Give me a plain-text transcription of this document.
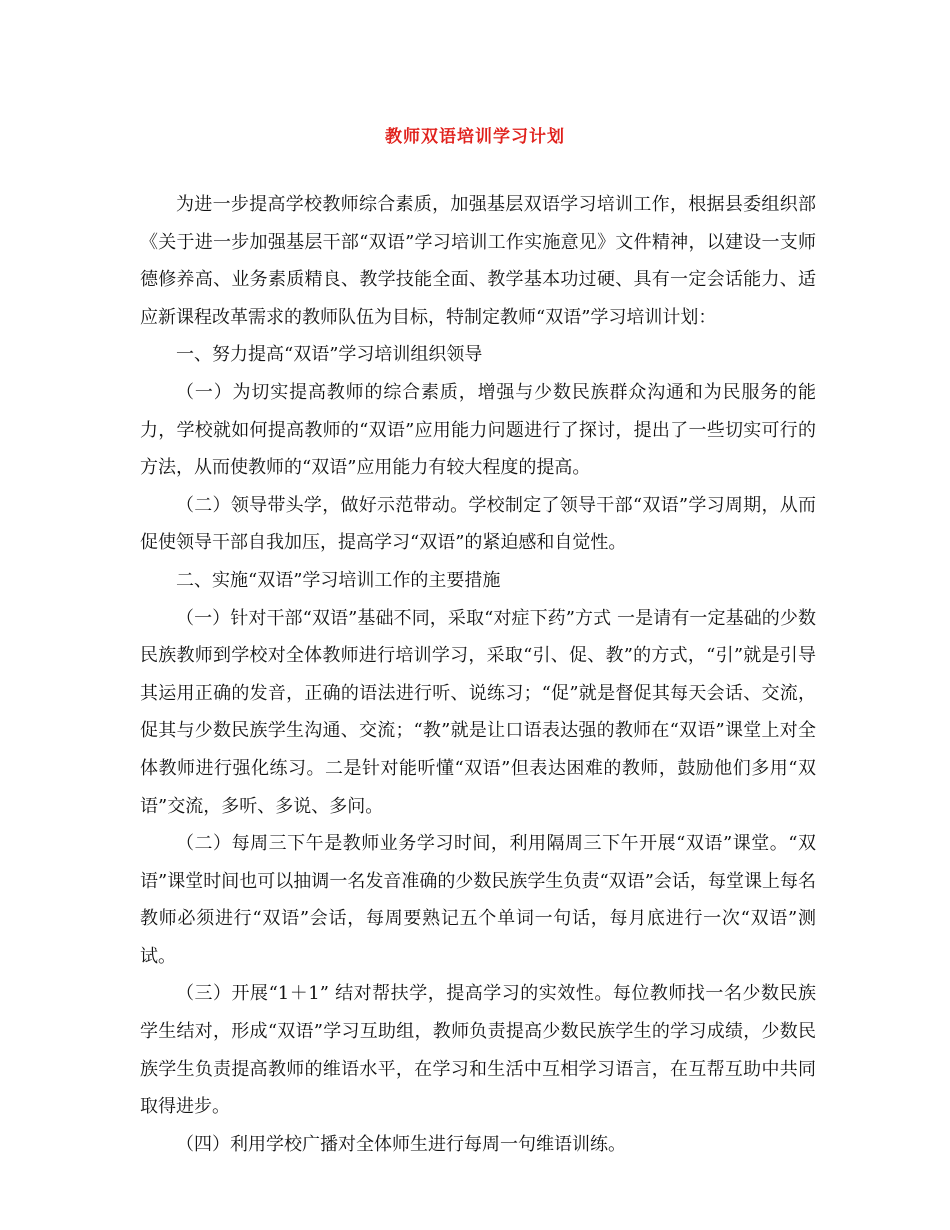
教师双语培训学习计划

为进一步提高学校教师综合素质，加强基层双语学习培训工作，根据县委组织部《关于进一步加强基层干部“双语”学习培训工作实施意见》文件精神，以建设一支师德修养高、业务素质精良、教学技能全面、教学基本功过硬、具有一定会话能力、适应新课程改革需求的教师队伍为目标，特制定教师“双语”学习培训计划：

一、努力提高“双语”学习培训组织领导

（一）为切实提高教师的综合素质，增强与少数民族群众沟通和为民服务的能力，学校就如何提高教师的“双语”应用能力问题进行了探讨，提出了一些切实可行的方法，从而使教师的“双语”应用能力有较大程度的提高。

（二）领导带头学，做好示范带动。学校制定了领导干部“双语”学习周期，从而促使领导干部自我加压，提高学习“双语”的紧迫感和自觉性。

二、实施“双语”学习培训工作的主要措施

（一）针对干部“双语”基础不同，采取“对症下药”方式 一是请有一定基础的少数民族教师到学校对全体教师进行培训学习，采取“引、促、教”的方式，“引”就是引导其运用正确的发音，正确的语法进行听、说练习；“促”就是督促其每天会话、交流，促其与少数民族学生沟通、交流；“教”就是让口语表达强的教师在“双语”课堂上对全体教师进行强化练习。二是针对能听懂“双语”但表达困难的教师，鼓励他们多用“双语”交流，多听、多说、多问。

（二）每周三下午是教师业务学习时间，利用隔周三下午开展“双语”课堂。“双语”课堂时间也可以抽调一名发音准确的少数民族学生负责“双语”会话，每堂课上每名教师必须进行“双语”会话，每周要熟记五个单词一句话，每月底进行一次“双语”测试。

（三）开展“1＋1” 结对帮扶学，提高学习的实效性。每位教师找一名少数民族学生结对，形成“双语”学习互助组，教师负责提高少数民族学生的学习成绩，少数民族学生负责提高教师的维语水平，在学习和生活中互相学习语言，在互帮互助中共同取得进步。

（四）利用学校广播对全体师生进行每周一句维语训练。
